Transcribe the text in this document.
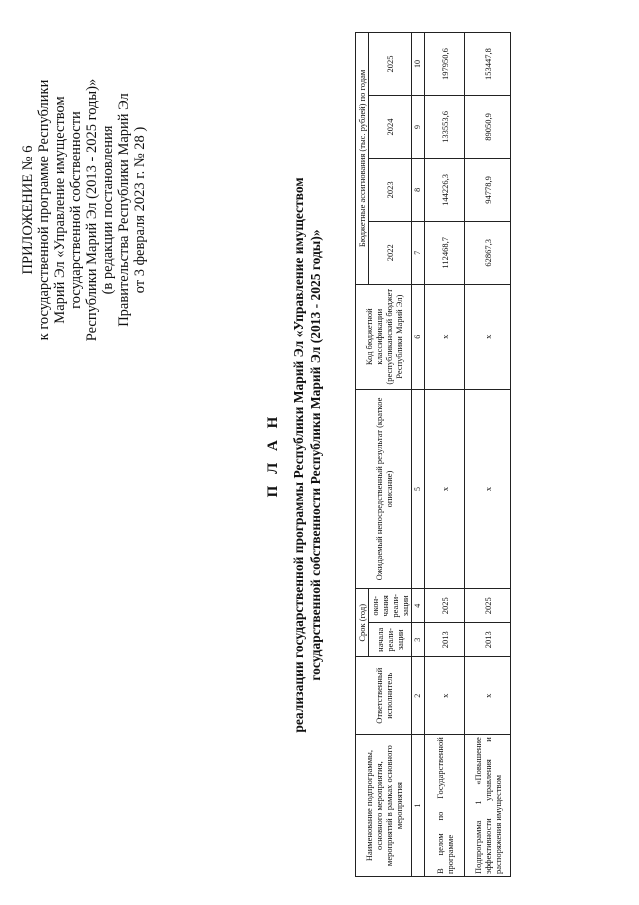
ПРИЛОЖЕНИЕ № 6 к государственной программе Республики Марий Эл «Управление имуществом государственной собственности Республики Марий Эл (2013 - 2025 годы)» (в редакции постановления Правительства Республики Марий Эл от 3 февраля 2023 г. № 28 )
П Л А Н реализации государственной программы Республики Марий Эл «Управление имуществом государственной собственности Республики Марий Эл (2013 - 2025 годы)»
Наименование подпрограммы, основного мероприятия, мероприятий в рамках основного мероприятия	Ответственный исполнитель	Срок (год)		Ожидаемый непосредственный результат (краткое описание)	Код бюджетной классификации (республиканский бюджет Республики Марий Эл)	Бюджетные ассигнования (тыс. рублей) по годам			
		начала реали-зации	окон-чания реали-зации			2022	2023	2024	2025
1	2	3	4	5	6	7	8	9	10
В целом по Государственной программе	х	2013	2025	х	х	112468,7	144226,3	133553,6	197950,6
Подпрограмма 1 «Повышение эффективности управления и распоряжения имуществом	х	2013	2025	х	х	62867,3	94778,9	89050,9	153447,8
